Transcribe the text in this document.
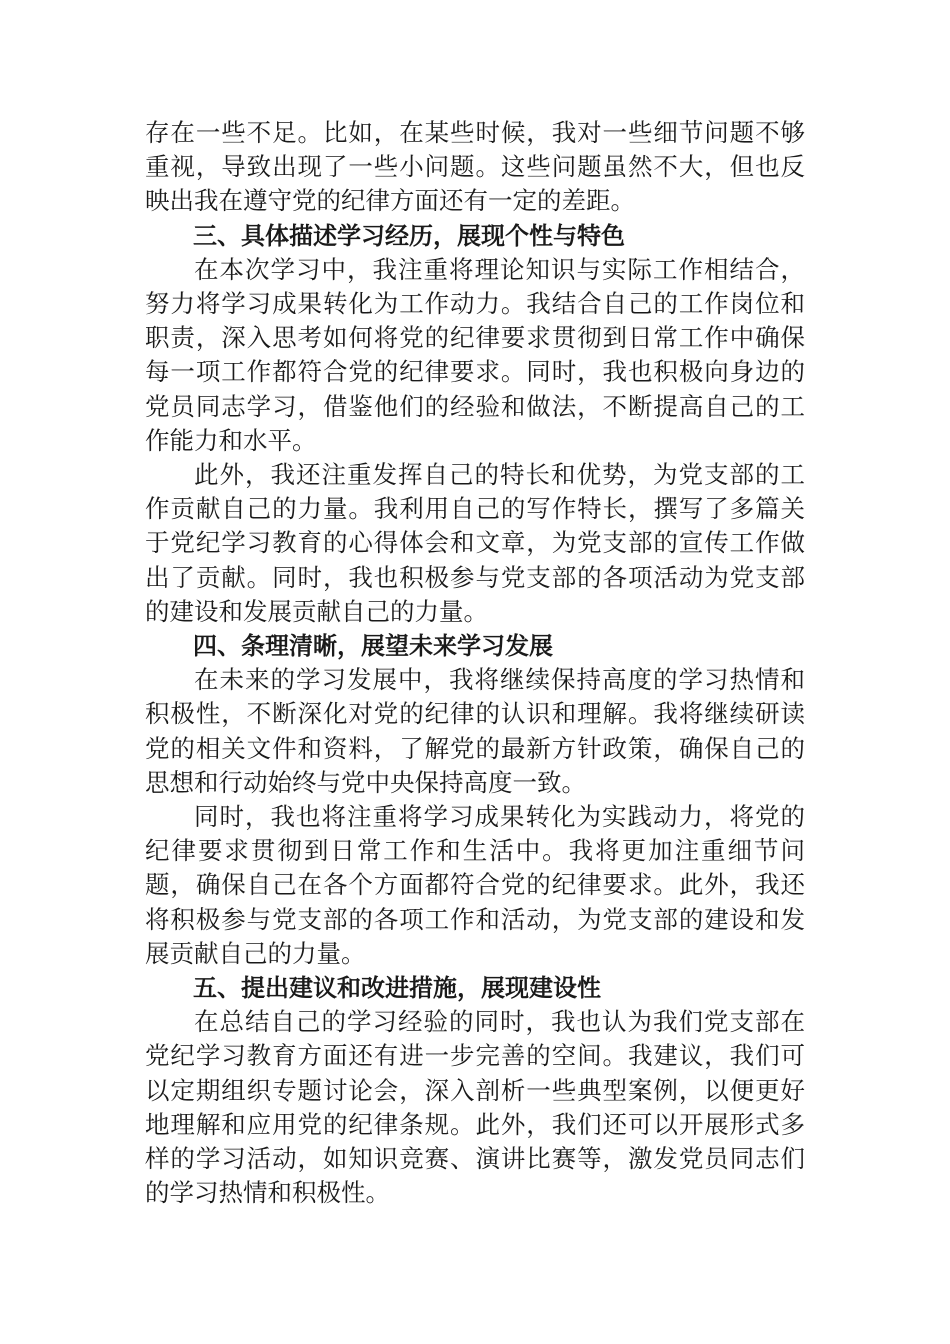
存在一些不足。比如，在某些时候，我对一些细节问题不够重视，导致出现了一些小问题。这些问题虽然不大，但也反映出我在遵守党的纪律方面还有一定的差距。

三、具体描述学习经历，展现个性与特色

在本次学习中，我注重将理论知识与实际工作相结合，努力将学习成果转化为工作动力。我结合自己的工作岗位和职责，深入思考如何将党的纪律要求贯彻到日常工作中确保每一项工作都符合党的纪律要求。同时，我也积极向身边的党员同志学习，借鉴他们的经验和做法，不断提高自己的工作能力和水平。

此外，我还注重发挥自己的特长和优势，为党支部的工作贡献自己的力量。我利用自己的写作特长，撰写了多篇关于党纪学习教育的心得体会和文章，为党支部的宣传工作做出了贡献。同时，我也积极参与党支部的各项活动为党支部的建设和发展贡献自己的力量。

四、条理清晰，展望未来学习发展

在未来的学习发展中，我将继续保持高度的学习热情和积极性，不断深化对党的纪律的认识和理解。我将继续研读党的相关文件和资料，了解党的最新方针政策，确保自己的思想和行动始终与党中央保持高度一致。

同时，我也将注重将学习成果转化为实践动力，将党的纪律要求贯彻到日常工作和生活中。我将更加注重细节问题，确保自己在各个方面都符合党的纪律要求。此外，我还将积极参与党支部的各项工作和活动，为党支部的建设和发展贡献自己的力量。

五、提出建议和改进措施，展现建设性

在总结自己的学习经验的同时，我也认为我们党支部在党纪学习教育方面还有进一步完善的空间。我建议，我们可以定期组织专题讨论会，深入剖析一些典型案例，以便更好地理解和应用党的纪律条规。此外，我们还可以开展形式多样的学习活动，如知识竞赛、演讲比赛等，激发党员同志们的学习热情和积极性。
